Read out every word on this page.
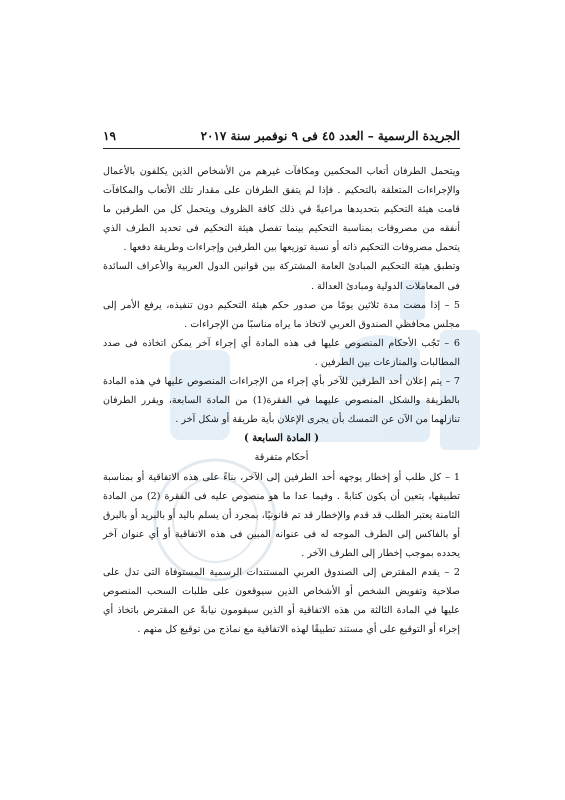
الجريدة الرسمية – العدد ٤٥ فى ٩ نوفمبر سنة ٢٠١٧
١٩

ويتحمل الطرفان أتعاب المحكمين ومكافآت غيرهم من الأشخاص الذين يكلفون بالأعمال والإجراءات المتعلقة بالتحكيم . فإذا لم يتفق الطرفان على مقدار تلك الأتعاب والمكافآت قامت هيئة التحكيم بتحديدها مراعيةً في ذلك كافة الظروف ويتحمل كل من الطرفين ما أنفقه من مصروفات بمناسبة التحكيم بينما تفصل هيئة التحكيم فى تحديد الطرف الذي يتحمل مصروفات التحكيم ذاته أو نسبة توزيعها بين الطرفين وإجراءات وطريقة دفعها .

وتطبق هيئة التحكيم المبادئ العامة المشتركة بين قوانين الدول العربية والأعراف السائدة فى المعاملات الدولية ومبادئ العدالة .

5 – إذا مضت مدة ثلاثين يومًا من صدور حكم هيئة التحكيم دون تنفيذه، يرفع الأمر إلى مجلس محافظي الصندوق العربي لاتخاذ ما يراه مناسبًا من الإجراءات .

6 – تَجُب الأحكام المنصوص عليها فى هذه المادة أي إجراء آخر يمكن اتخاذه فى صدد المطالبات والمنازعات بين الطرفين .

7 – يتم إعلان أحد الطرفين للآخر بأي إجراء من الإجراءات المنصوص عليها في هذه المادة بالطريقة والشكل المنصوص عليهما في الفقرة(1) من المادة السابعة، ويقرر الطرفان تنازلهما من الآن عن التمسك بأن يجرى الإعلان بأية طريقة أو شكل آخر .

( المادة السابعة )
أحكام متفرقة

1 – كل طلب أو إخطار يوجهه أحد الطرفين إلى الآخر، بناءً على هذه الاتفاقية أو بمناسبة تطبيقها، يتعين أن يكون كتابةً . وفيما عدا ما هو منصوص عليه فى الفقرة (2) من المادة الثامنة يعتبر الطلب قد قدم والإخطار قد تم قانونيًا، بمجرد أن يسلم باليد أو بالبريد أو بالبرق أو بالفاكس إلى الطرف الموجه له فى عنوانه المبين فى هذه الاتفاقية أو أي عنوان آخر يحدده بموجب إخطار إلى الطرف الآخر .

2 – يقدم المقترض إلى الصندوق العربي المستندات الرسمية المستوفاة التى تدل على صلاحية وتفويض الشخص أو الأشخاص الذين سيوقعون على طلبات السحب المنصوص عليها في المادة الثالثة من هذه الاتفاقية أو الذين سيقومون نيابةً عن المقترض باتخاذ أي إجراء أو التوقيع على أي مستند تطبيقًا لهذه الاتفاقية مع نماذج من توقيع كل منهم .
